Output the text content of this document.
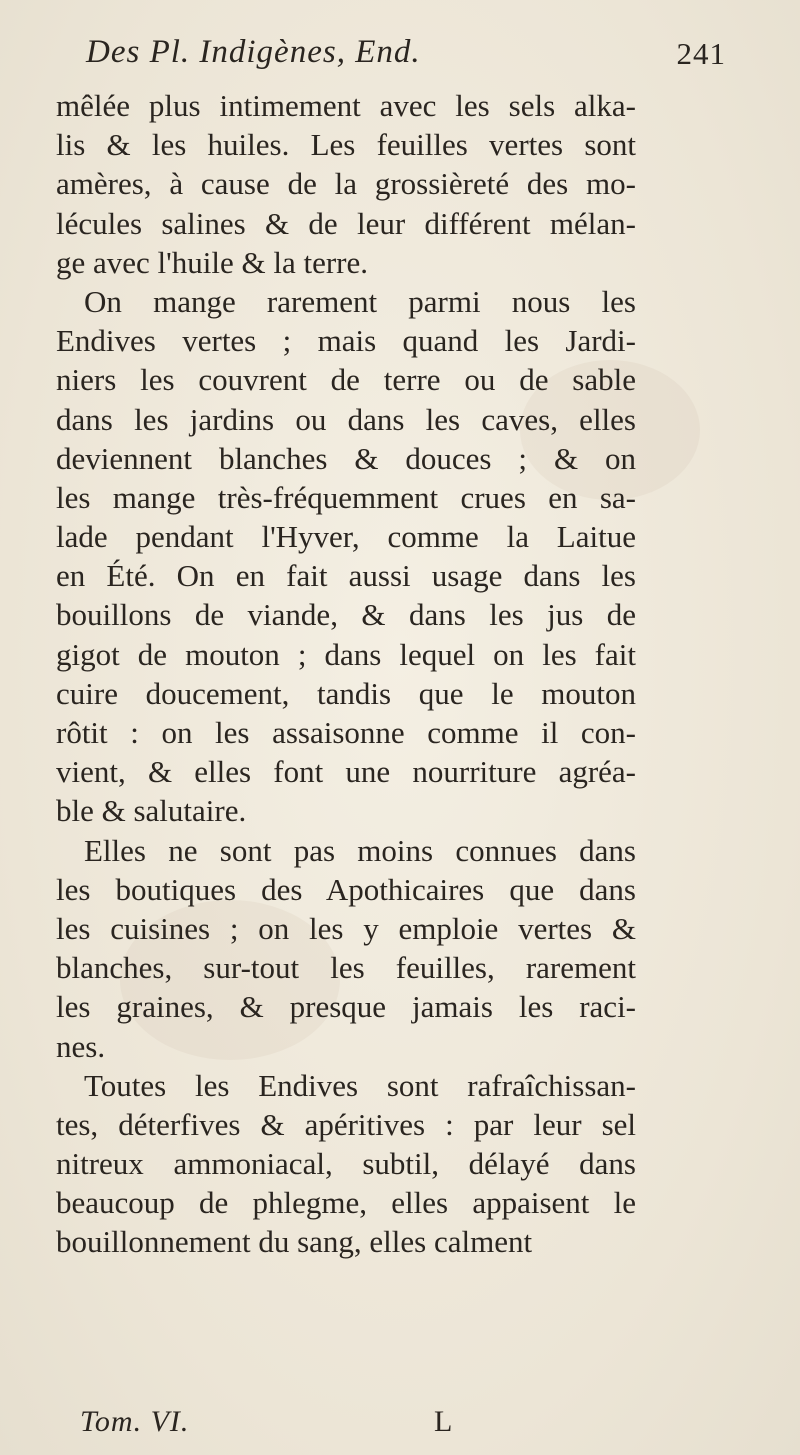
Des Pl. Indigènes, End.	241
mêlée plus intimement avec les sels alka-
lis & les huiles. Les feuilles vertes sont
amères, à cause de la grossièreté des mo-
lécules salines & de leur différent mélan-
ge avec l'huile & la terre.
On mange rarement parmi nous les
Endives vertes ; mais quand les Jardi-
niers les couvrent de terre ou de sable
dans les jardins ou dans les caves, elles
deviennent blanches & douces ; & on
les mange très-fréquemment crues en sa-
lade pendant l'Hyver, comme la Laitue
en Été. On en fait aussi usage dans les
bouillons de viande, & dans les jus de
gigot de mouton ; dans lequel on les fait
cuire doucement, tandis que le mouton
rôtit : on les assaisonne comme il con-
vient, & elles font une nourriture agréa-
ble & salutaire.
Elles ne sont pas moins connues dans
les boutiques des Apothicaires que dans
les cuisines ; on les y emploie vertes &
blanches, sur-tout les feuilles, rarement
les graines, & presque jamais les raci-
nes.
Toutes les Endives sont rafraîchissan-
tes, déterfives & apéritives : par leur sel
nitreux ammoniacal, subtil, délayé dans
beaucoup de phlegme, elles appaisent le
bouillonnement du sang, elles calment
Tom. VI.	L
